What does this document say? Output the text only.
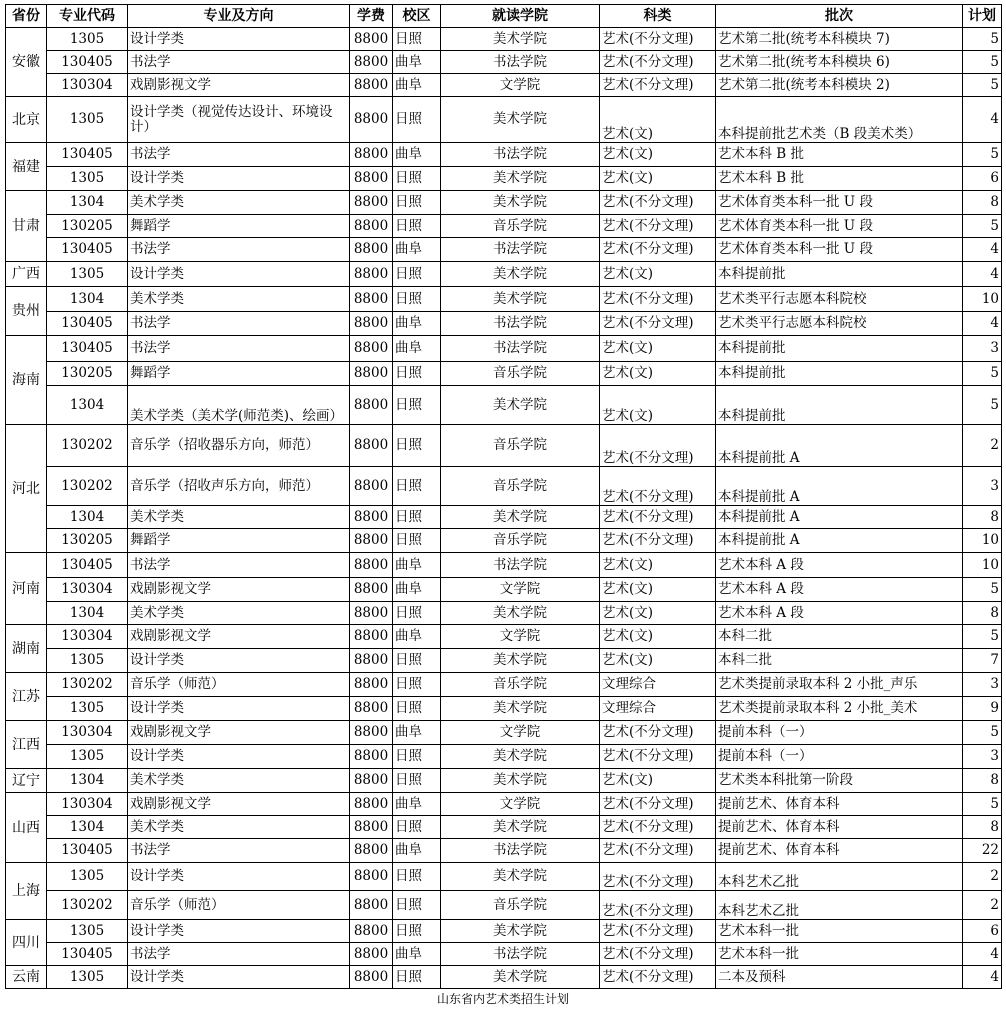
省份	专业代码	专业及方向	学费	校区	就读学院	科类	批次	计划
安徽	1305	设计学类	8800	日照	美术学院	艺术(不分文理)	艺术第二批(统考本科模块 7)	5
	130405	书法学	8800	曲阜	书法学院	艺术(不分文理)	艺术第二批(统考本科模块 6)	5
	130304	戏剧影视文学	8800	曲阜	文学院	艺术(不分文理)	艺术第二批(统考本科模块 2)	5
北京	1305	设计学类（视觉传达设计、环境设计）	8800	日照	美术学院	艺术(文)	本科提前批艺术类（B 段美术类）	4
福建	130405	书法学	8800	曲阜	书法学院	艺术(文)	艺术本科 B 批	5
	1305	设计学类	8800	日照	美术学院	艺术(文)	艺术本科 B 批	6
甘肃	1304	美术学类	8800	日照	美术学院	艺术(不分文理)	艺术体育类本科一批 U 段	8
	130205	舞蹈学	8800	日照	音乐学院	艺术(不分文理)	艺术体育类本科一批 U 段	5
	130405	书法学	8800	曲阜	书法学院	艺术(不分文理)	艺术体育类本科一批 U 段	4
广西	1305	设计学类	8800	日照	美术学院	艺术(文)	本科提前批	4
贵州	1304	美术学类	8800	日照	美术学院	艺术(不分文理)	艺术类平行志愿本科院校	10
	130405	书法学	8800	曲阜	书法学院	艺术(不分文理)	艺术类平行志愿本科院校	4
海南	130405	书法学	8800	曲阜	书法学院	艺术(文)	本科提前批	3
	130205	舞蹈学	8800	日照	音乐学院	艺术(文)	本科提前批	5
	1304	美术学类（美术学(师范类)、绘画）	8800	日照	美术学院	艺术(文)	本科提前批	5
河北	130202	音乐学（招收器乐方向，师范）	8800	日照	音乐学院	艺术(不分文理)	本科提前批 A	2
	130202	音乐学（招收声乐方向，师范）	8800	日照	音乐学院	艺术(不分文理)	本科提前批 A	3
	1304	美术学类	8800	日照	美术学院	艺术(不分文理)	本科提前批 A	8
	130205	舞蹈学	8800	日照	音乐学院	艺术(不分文理)	本科提前批 A	10
河南	130405	书法学	8800	曲阜	书法学院	艺术(文)	艺术本科 A 段	10
	130304	戏剧影视文学	8800	曲阜	文学院	艺术(文)	艺术本科 A 段	5
	1304	美术学类	8800	日照	美术学院	艺术(文)	艺术本科 A 段	8
湖南	130304	戏剧影视文学	8800	曲阜	文学院	艺术(文)	本科二批	5
	1305	设计学类	8800	日照	美术学院	艺术(文)	本科二批	7
江苏	130202	音乐学（师范）	8800	日照	音乐学院	文理综合	艺术类提前录取本科 2 小批_声乐	3
	1305	设计学类	8800	日照	美术学院	文理综合	艺术类提前录取本科 2 小批_美术	9
江西	130304	戏剧影视文学	8800	曲阜	文学院	艺术(不分文理)	提前本科（一）	5
	1305	设计学类	8800	日照	美术学院	艺术(不分文理)	提前本科（一）	3
辽宁	1304	美术学类	8800	日照	美术学院	艺术(文)	艺术类本科批第一阶段	8
山西	130304	戏剧影视文学	8800	曲阜	文学院	艺术(不分文理)	提前艺术、体育本科	5
	1304	美术学类	8800	日照	美术学院	艺术(不分文理)	提前艺术、体育本科	8
	130405	书法学	8800	曲阜	书法学院	艺术(不分文理)	提前艺术、体育本科	22
上海	1305	设计学类	8800	日照	美术学院	艺术(不分文理)	本科艺术乙批	2
	130202	音乐学（师范）	8800	日照	音乐学院	艺术(不分文理)	本科艺术乙批	2
四川	1305	设计学类	8800	日照	美术学院	艺术(不分文理)	艺术本科一批	6
	130405	书法学	8800	曲阜	书法学院	艺术(不分文理)	艺术本科一批	4
云南	1305	设计学类	8800	日照	美术学院	艺术(不分文理)	二本及预科	4
山东省内艺术类招生计划
